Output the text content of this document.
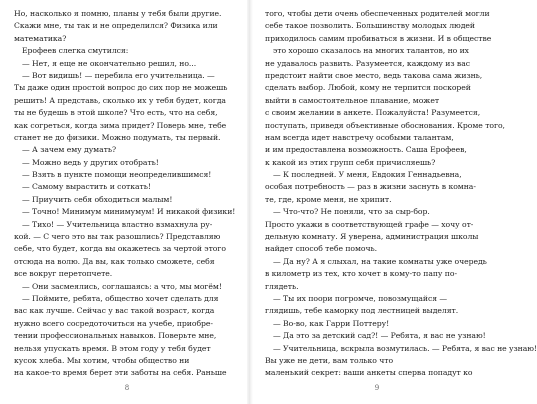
Но, насколько я помню, планы у тебя были другие.
Скажи мне, ты так и не определился? Физика или
математика?
Ерофеев слегка смутился:
— Нет, я еще не окончательно решил, но...
— Вот видишь! — перебила его учительница. —
Ты даже один простой вопрос до сих пор не можешь
решить! А представь, сколько их у тебя будет, когда
ты не будешь в этой школе? Что есть, что на себя,
как согреться, когда зима придет? Поверь мне, тебе
станет не до физики. Можно подумать, ты первый.
— А зачем ему думать?
— Можно ведь у других отобрать!
— Взять в пункте помощи неопределившимся!
— Самому вырастить и соткать!
— Приучить себя обходиться малым!
— Точно! Минимум минимумум! И никакой физики!
— Тихо! — Учительница властно взмахнула ру-
кой. — С чего это вы так разошлись? Представляю
себе, что будет, когда вы окажетесь за чертой этого
отсюда на волю. Да вы, как только сможете, себя
все вокруг перетопчете.
— Они засмеялись, соглашаясь: а что, мы могём!
— Поймите, ребята, общество хочет сделать для
вас как лучше. Сейчас у вас такой возраст, когда
нужно всего сосредоточиться на учебе, приобре-
тении профессиональных навыков. Поверьте мне,
нельзя упускать время. В этом году у тебя будет
кусок хлеба. Мы хотим, чтобы общество ни
на какое-то время берет эти заботы на себя. Раньше
8
того, чтобы дети очень обеспеченных родителей могли
себе такое позволить. Большинству молодых людей
приходилось самим пробиваться в жизни. И в обществе
это хорошо сказалось на многих талантов, но их
не удавалось развить. Разумеется, каждому из вас
предстоит найти свое место, ведь такова сама жизнь,
сделать выбор. Любой, кому не терпится поскорей
выйти в самостоятельное плавание, может
с своим желании в анкете. Пожалуйста! Разумеется,
поступать, приведя объективные обоснования. Кроме того,
нам всегда идет навстречу особыми талантам,
и им предоставлена возможность. Саша Ерофеев,
к какой из этих групп себя причисляешь?
— К последней. У меня, Евдокия Геннадьевна,
особая потребность — раз в жизни заснуть в комна-
те, где, кроме меня, не хрипит.
— Что-что? Не поняли, что за сыр-бор.
Просто укажи в соответствующей графе — хочу от-
дельную комнату. Я уверена, администрация школы
найдет способ тебе помочь.
— Да ну? А я слыхал, на такие комнаты уже очередь
в километр из тех, кто хочет в кому-то папу по-
глядеть.
— Ты их поори погромче, повозмущайся —
глядишь, тебе каморку под лестницей выделят.
— Во-во, как Гарри Поттеру!
— Да это за детский сад?! — Ребята, я вас не узнаю!
— Учительница, вскрыла возмутилась. — Ребята, я вас не узнаю!
Вы уже не дети, вам только что
маленький секрет: ваши анкеты сперва попадут ко
9
